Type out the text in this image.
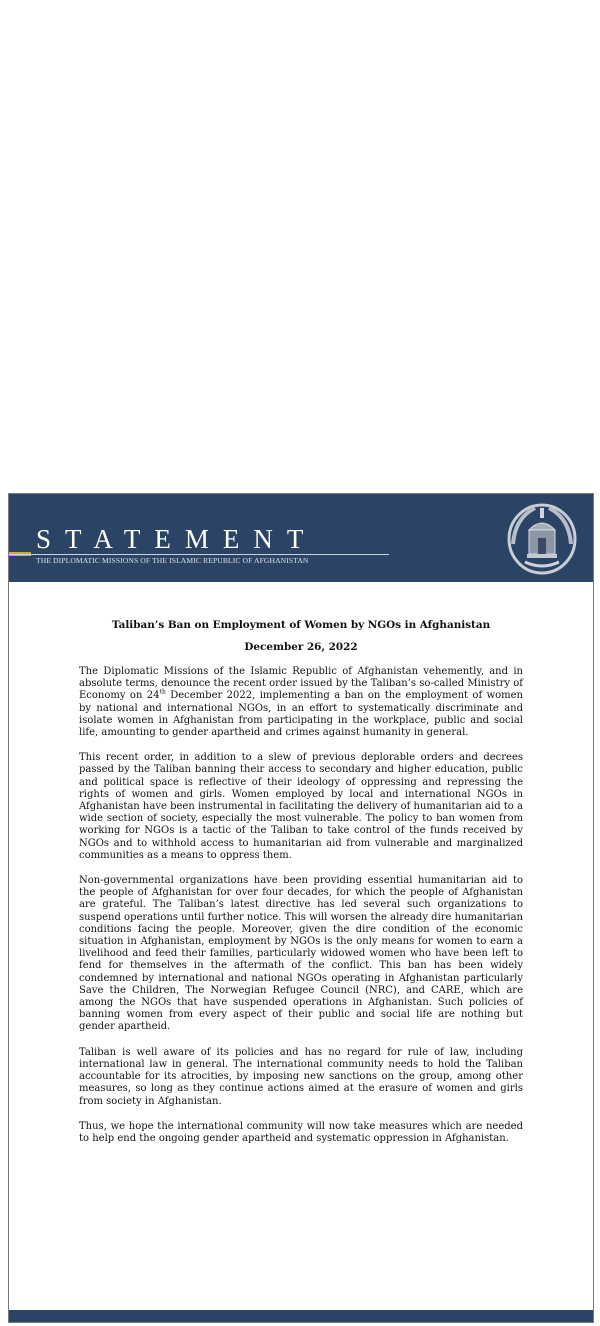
STATEMENT
THE DIPLOMATIC MISSIONS OF THE ISLAMIC REPUBLIC OF AFGHANISTAN

Taliban’s Ban on Employment of Women by NGOs in Afghanistan

December 26, 2022

The Diplomatic Missions of the Islamic Republic of Afghanistan vehemently, and in absolute terms, denounce the recent order issued by the Taliban’s so-called Ministry of Economy on 24th December 2022, implementing a ban on the employment of women by national and international NGOs, in an effort to systematically discriminate and isolate women in Afghanistan from participating in the workplace, public and social life, amounting to gender apartheid and crimes against humanity in general.

This recent order, in addition to a slew of previous deplorable orders and decrees passed by the Taliban banning their access to secondary and higher education, public and political space is reflective of their ideology of oppressing and repressing the rights of women and girls. Women employed by local and international NGOs in Afghanistan have been instrumental in facilitating the delivery of humanitarian aid to a wide section of society, especially the most vulnerable. The policy to ban women from working for NGOs is a tactic of the Taliban to take control of the funds received by NGOs and to withhold access to humanitarian aid from vulnerable and marginalized communities as a means to oppress them.

Non-governmental organizations have been providing essential humanitarian aid to the people of Afghanistan for over four decades, for which the people of Afghanistan are grateful. The Taliban’s latest directive has led several such organizations to suspend operations until further notice. This will worsen the already dire humanitarian conditions facing the people. Moreover, given the dire condition of the economic situation in Afghanistan, employment by NGOs is the only means for women to earn a livelihood and feed their families, particularly widowed women who have been left to fend for themselves in the aftermath of the conflict. This ban has been widely condemned by international and national NGOs operating in Afghanistan particularly Save the Children, The Norwegian Refugee Council (NRC), and CARE, which are among the NGOs that have suspended operations in Afghanistan. Such policies of banning women from every aspect of their public and social life are nothing but gender apartheid.

Taliban is well aware of its policies and has no regard for rule of law, including international law in general. The international community needs to hold the Taliban accountable for its atrocities, by imposing new sanctions on the group, among other measures, so long as they continue actions aimed at the erasure of women and girls from society in Afghanistan.

Thus, we hope the international community will now take measures which are needed to help end the ongoing gender apartheid and systematic oppression in Afghanistan.
